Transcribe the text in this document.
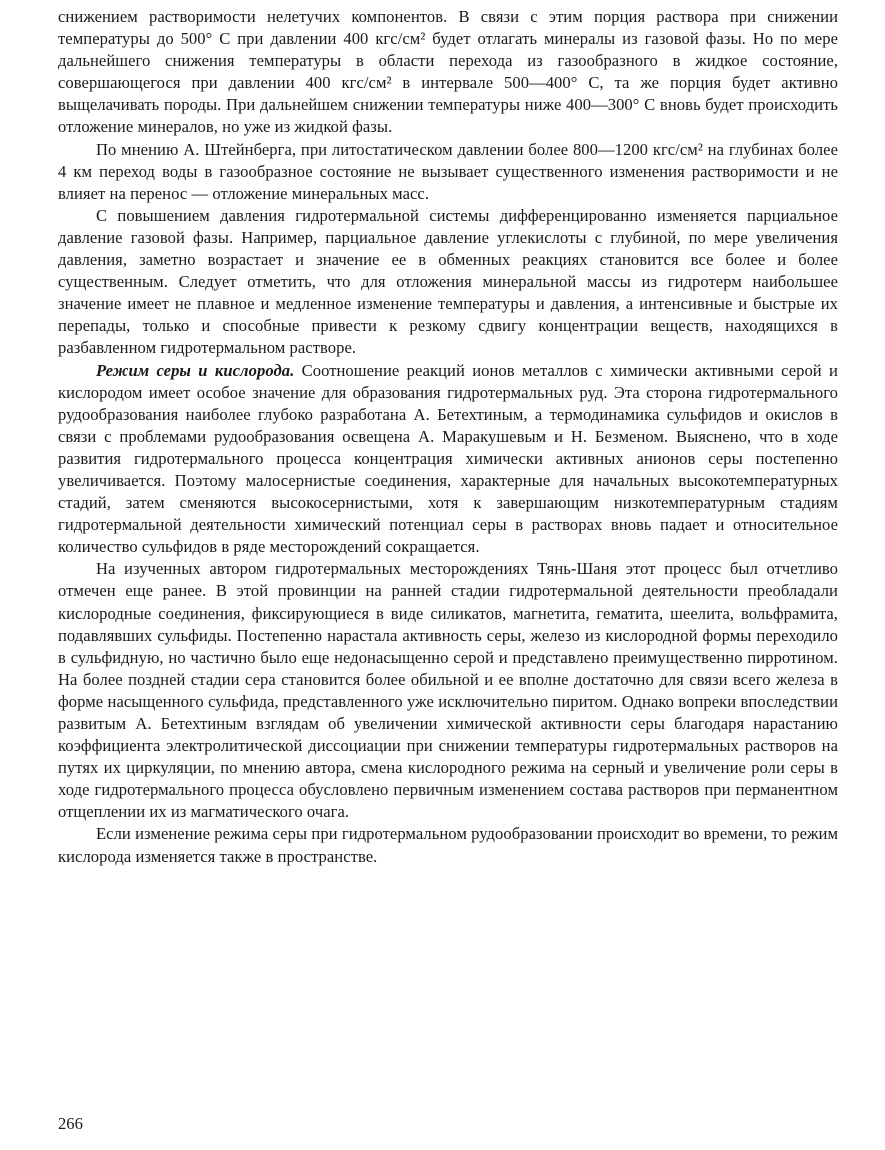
снижением растворимости нелетучих компонентов. В связи с этим порция раствора при снижении температуры до 500° С при давлении 400 кгс/см² будет отлагать минералы из газовой фазы. Но по мере дальнейшего снижения температуры в области перехода из газообразного в жидкое состояние, совершающегося при давлении 400 кгс/см² в интервале 500—400° С, та же порция будет активно выщелачивать породы. При дальнейшем снижении температуры ниже 400—300° С вновь будет происходить отложение минералов, но уже из жидкой фазы.

По мнению А. Штейнберга, при литостатическом давлении более 800—1200 кгс/см² на глубинах более 4 км переход воды в газообразное состояние не вызывает существенного изменения растворимости и не влияет на перенос — отложение минеральных масс.

С повышением давления гидротермальной системы дифференцированно изменяется парциальное давление газовой фазы. Например, парциальное давление углекислоты с глубиной, по мере увеличения давления, заметно возрастает и значение ее в обменных реакциях становится все более и более существенным. Следует отметить, что для отложения минеральной массы из гидротерм наибольшее значение имеет не плавное и медленное изменение температуры и давления, а интенсивные и быстрые их перепады, только и способные привести к резкому сдвигу концентрации веществ, находящихся в разбавленном гидротермальном растворе.

Режим серы и кислорода. Соотношение реакций ионов металлов с химически активными серой и кислородом имеет особое значение для образования гидротермальных руд. Эта сторона гидротермального рудообразования наиболее глубоко разработана А. Бетехтиным, а термодинамика сульфидов и окислов в связи с проблемами рудообразования освещена А. Маракушевым и Н. Безменом. Выяснено, что в ходе развития гидротермального процесса концентрация химически активных анионов серы постепенно увеличивается. Поэтому малосернистые соединения, характерные для начальных высокотемпературных стадий, затем сменяются высокосернистыми, хотя к завершающим низкотемпературным стадиям гидротермальной деятельности химический потенциал серы в растворах вновь падает и относительное количество сульфидов в ряде месторождений сокращается.

На изученных автором гидротермальных месторождениях Тянь-Шаня этот процесс был отчетливо отмечен еще ранее. В этой провинции на ранней стадии гидротермальной деятельности преобладали кислородные соединения, фиксирующиеся в виде силикатов, магнетита, гематита, шеелита, вольфрамита, подавлявших сульфиды. Постепенно нарастала активность серы, железо из кислородной формы переходило в сульфидную, но частично было еще недонасыщенно серой и представлено преимущественно пирротином. На более поздней стадии сера становится более обильной и ее вполне достаточно для связи всего железа в форме насыщенного сульфида, представленного уже исключительно пиритом. Однако вопреки впоследствии развитым А. Бетехтиным взглядам об увеличении химической активности серы благодаря нарастанию коэффициента электролитической диссоциации при снижении температуры гидротермальных растворов на путях их циркуляции, по мнению автора, смена кислородного режима на серный и увеличение роли серы в ходе гидротермального процесса обусловлено первичным изменением состава растворов при перманентном отщеплении их из магматического очага.

Если изменение режима серы при гидротермальном рудообразовании происходит во времени, то режим кислорода изменяется также в пространстве.

266
